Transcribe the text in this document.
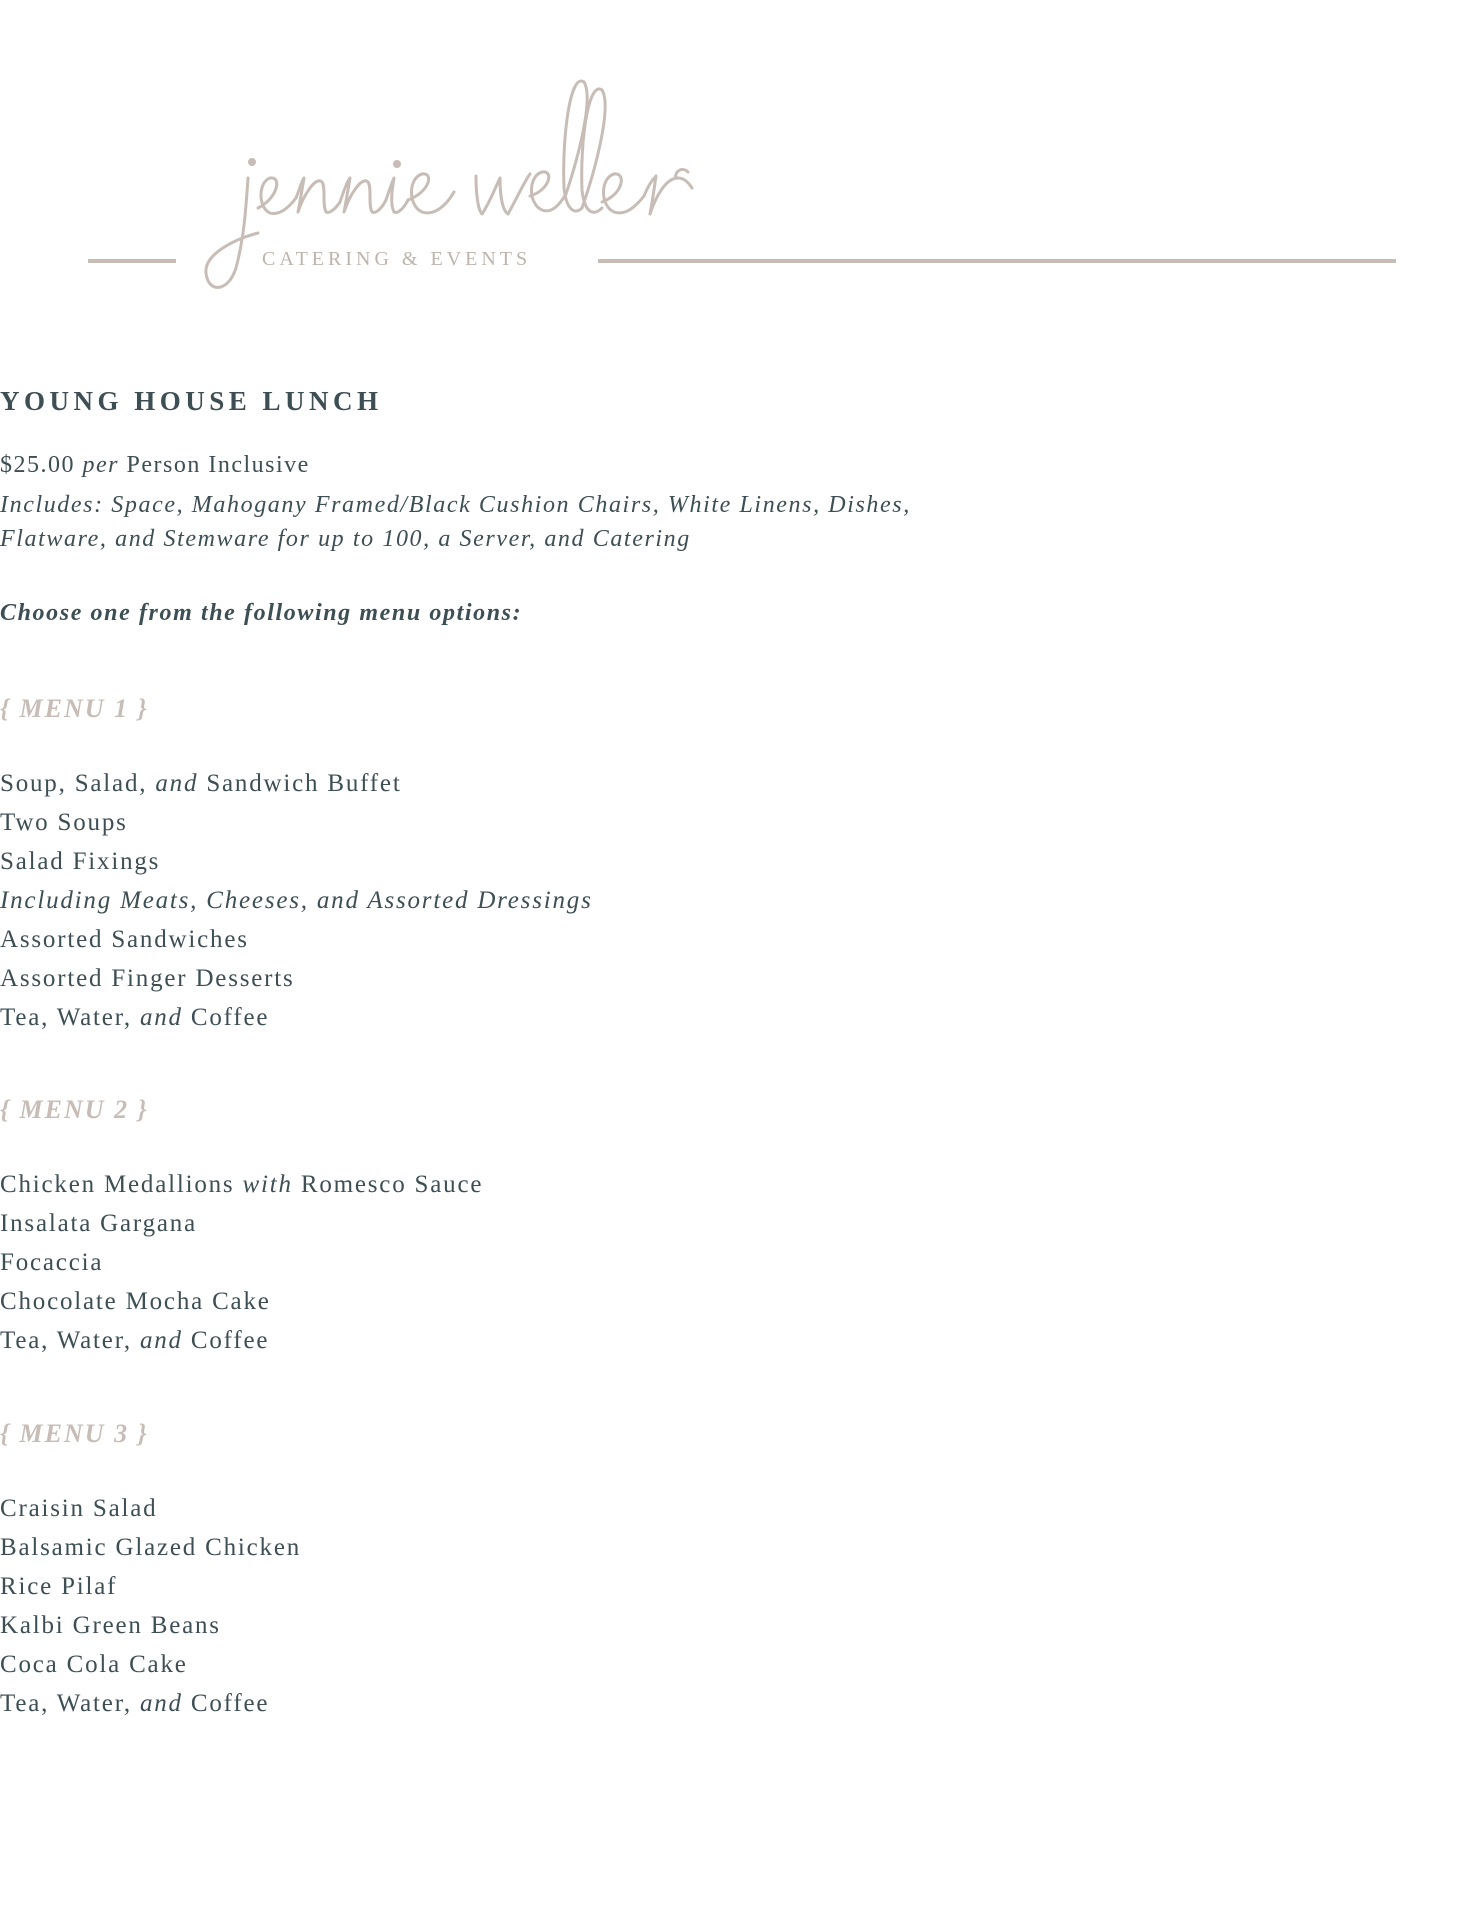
CATERING & EVENTS
YOUNG HOUSE LUNCH
$25.00 per Person Inclusive
Includes: Space, Mahogany Framed/Black Cushion Chairs, White Linens, Dishes,
Flatware, and Stemware for up to 100, a Server, and Catering
Choose one from the following menu options:
{ MENU 1 }
Soup, Salad, and Sandwich Buffet
Two Soups
Salad Fixings
Including Meats, Cheeses, and Assorted Dressings
Assorted Sandwiches
Assorted Finger Desserts
Tea, Water, and Coffee
{ MENU 2 }
Chicken Medallions with Romesco Sauce
Insalata Gargana
Focaccia
Chocolate Mocha Cake
Tea, Water, and Coffee
{ MENU 3 }
Craisin Salad
Balsamic Glazed Chicken
Rice Pilaf
Kalbi Green Beans
Coca Cola Cake
Tea, Water, and Coffee
